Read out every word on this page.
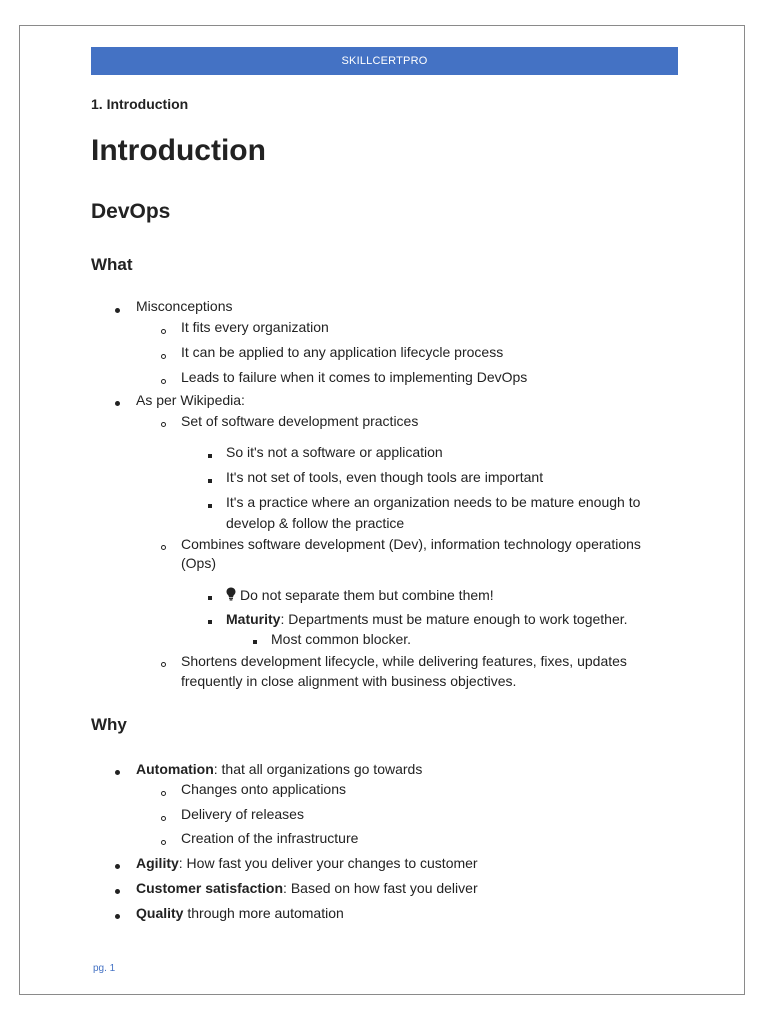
SKILLCERTPRO
1. Introduction
Introduction
DevOps
What
Misconceptions
It fits every organization
It can be applied to any application lifecycle process
Leads to failure when it comes to implementing DevOps
As per Wikipedia:
Set of software development practices
So it's not a software or application
It's not set of tools, even though tools are important
It's a practice where an organization needs to be mature enough to
develop & follow the practice
Combines software development (Dev), information technology operations
(Ops)
Do not separate them but combine them!
Maturity: Departments must be mature enough to work together.
Most common blocker.
Shortens development lifecycle, while delivering features, fixes, updates
frequently in close alignment with business objectives.
Why
Automation: that all organizations go towards
Changes onto applications
Delivery of releases
Creation of the infrastructure
Agility: How fast you deliver your changes to customer
Customer satisfaction: Based on how fast you deliver
Quality through more automation
pg. 1
